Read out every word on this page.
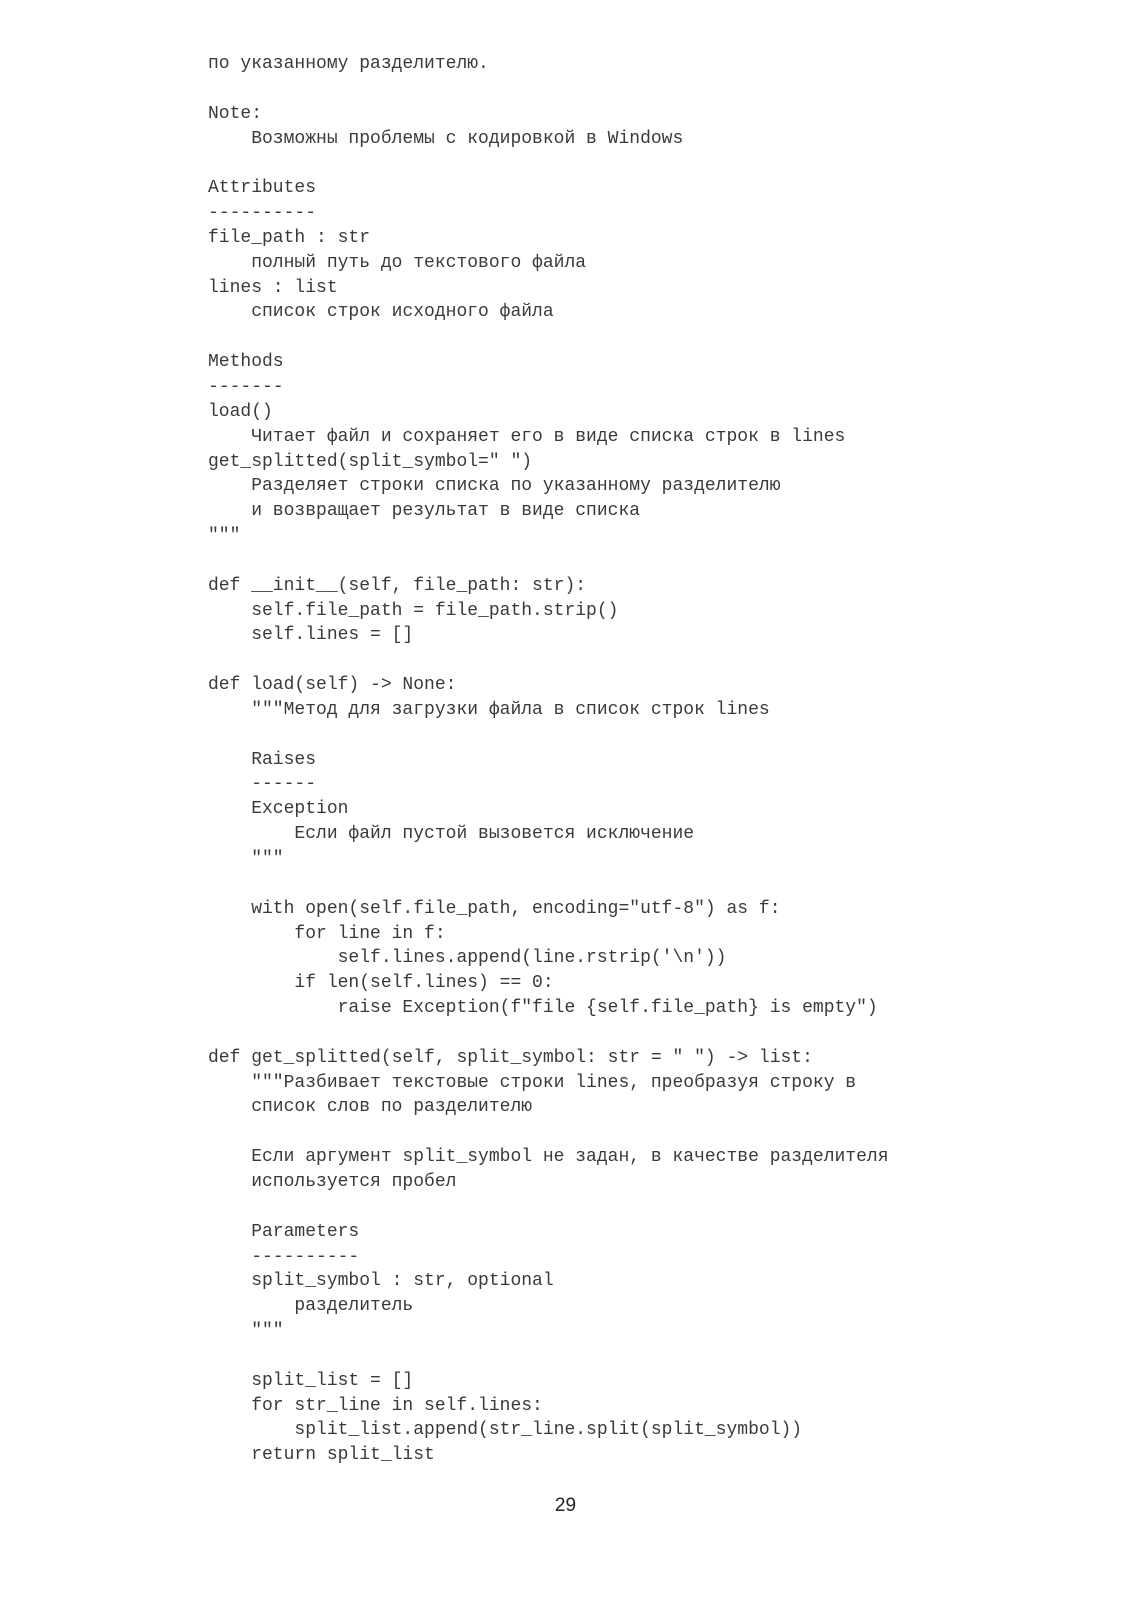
по указанному разделителю.
Note:
Возможны проблемы с кодировкой в Windows
Attributes
----------
file_path : str
полный путь до текстового файла
lines : list
список строк исходного файла
Methods
-------
load()
Читает файл и сохраняет его в виде списка строк в lines
get_splitted(split_symbol=" ")
Разделяет строки списка по указанному разделителю
и возвращает результат в виде списка
"""
def __init__(self, file_path: str):
self.file_path = file_path.strip()
self.lines = []
def load(self) -> None:
"""Метод для загрузки файла в список строк lines
Raises
------
Exception
Если файл пустой вызовется исключение
"""
with open(self.file_path, encoding="utf-8") as f:
for line in f:
self.lines.append(line.rstrip('\n'))
if len(self.lines) == 0:
raise Exception(f"file {self.file_path} is empty")
def get_splitted(self, split_symbol: str = " ") -> list:
"""Разбивает текстовые строки lines, преобразуя строку в
список слов по разделителю
Если аргумент split_symbol не задан, в качестве разделителя
используется пробел
Parameters
----------
split_symbol : str, optional
разделитель
"""
split_list = []
for str_line in self.lines:
split_list.append(str_line.split(split_symbol))
return split_list
29
